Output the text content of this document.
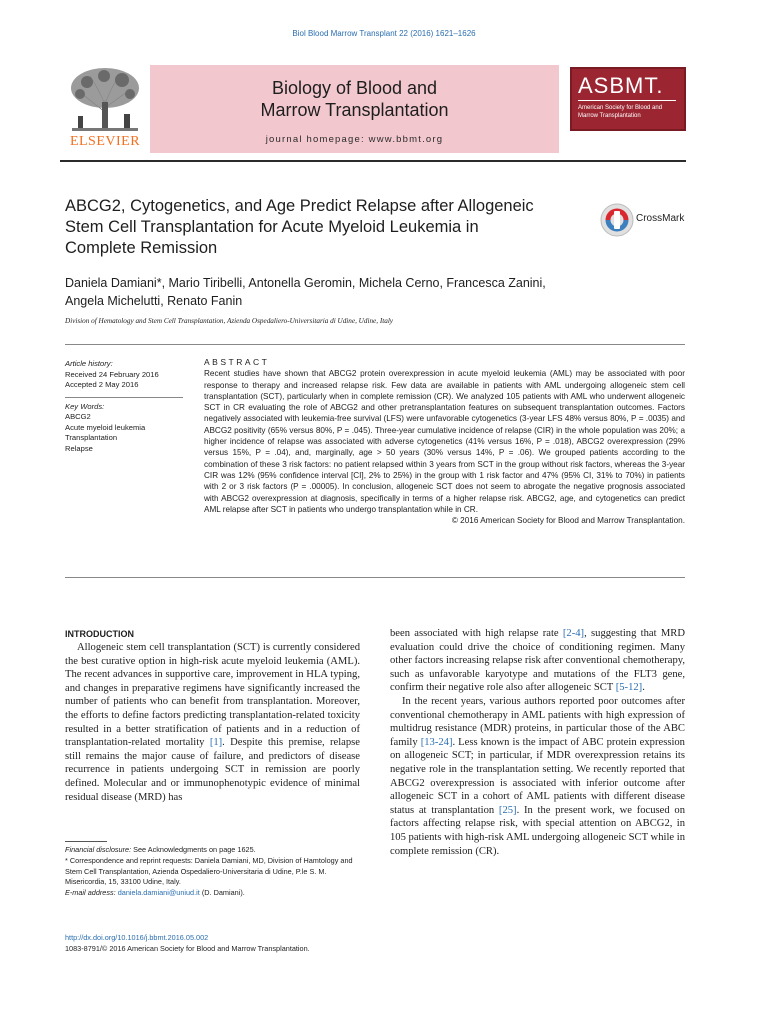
Biol Blood Marrow Transplant 22 (2016) 1621–1626
ELSEVIER
Biology of Blood and
Marrow Transplantation
journal homepage: www.bbmt.org
ASBMT.
American Society for Blood and Marrow Transplantation
ABCG2, Cytogenetics, and Age Predict Relapse after Allogeneic
Stem Cell Transplantation for Acute Myeloid Leukemia in
Complete Remission
CrossMark
Daniela Damiani*, Mario Tiribelli, Antonella Geromin, Michela Cerno, Francesca Zanini,
Angela Michelutti, Renato Fanin
Division of Hematology and Stem Cell Transplantation, Azienda Ospedaliero-Universitaria di Udine, Udine, Italy
Article history:
Received 24 February 2016
Accepted 2 May 2016
Key Words:
ABCG2
Acute myeloid leukemia
Transplantation
Relapse
ABSTRACT
Recent studies have shown that ABCG2 protein overexpression in acute myeloid leukemia (AML) may be associated with poor response to therapy and increased relapse risk. Few data are available in patients with AML undergoing allogeneic stem cell transplantation (SCT), particularly when in complete remission (CR). We analyzed 105 patients with AML who underwent allogeneic SCT in CR evaluating the role of ABCG2 and other pretransplantation features on subsequent transplantation outcomes. Factors negatively associated with leukemia-free survival (LFS) were unfavorable cytogenetics (3-year LFS 48% versus 80%, P = .0035) and ABCG2 positivity (65% versus 80%, P = .045). Three-year cumulative incidence of relapse (CIR) in the whole population was 20%; a higher incidence of relapse was associated with adverse cytogenetics (41% versus 16%, P = .018), ABCG2 overexpression (29% versus 15%, P = .04), and, marginally, age > 50 years (30% versus 14%, P = .06). We grouped patients according to the combination of these 3 risk factors: no patient relapsed within 3 years from SCT in the group without risk factors, whereas the 3-year CIR was 12% (95% confidence interval [CI], 2% to 25%) in the group with 1 risk factor and 47% (95% CI, 31% to 70%) in patients with 2 or 3 risk factors (P = .00005). In conclusion, allogeneic SCT does not seem to abrogate the negative prognosis associated with ABCG2 overexpression at diagnosis, specifically in terms of a higher relapse risk. ABCG2, age, and cytogenetics can predict AML relapse after SCT in patients who undergo transplantation while in CR.
© 2016 American Society for Blood and Marrow Transplantation.
INTRODUCTION

Allogeneic stem cell transplantation (SCT) is currently considered the best curative option in high-risk acute myeloid leukemia (AML). The recent advances in supportive care, improvement in HLA typing, and changes in preparative regimens have significantly increased the number of patients who can benefit from transplantation. Moreover, the efforts to define factors predicting transplantation-related toxicity resulted in a better stratification of patients and in a reduction of transplantation-related mortality [1]. Despite this premise, relapse still remains the major cause of failure, and predictors of disease recurrence in patients undergoing SCT in remission are poorly defined. Molecular and or immunophenotypic evidence of minimal residual disease (MRD) has

been associated with high relapse rate [2-4], suggesting that MRD evaluation could drive the choice of conditioning regimen. Many other factors increasing relapse risk after conventional chemotherapy, such as unfavorable karyotype and mutations of the FLT3 gene, confirm their negative role also after allogeneic SCT [5-12].

In the recent years, various authors reported poor outcomes after conventional chemotherapy in AML patients with high expression of multidrug resistance (MDR) proteins, in particular those of the ABC family [13-24]. Less known is the impact of ABC protein expression on allogeneic SCT; in particular, if MDR overexpression retains its negative role in the transplantation setting. We recently reported that ABCG2 overexpression is associated with inferior outcome after allogeneic SCT in a cohort of AML patients with different disease status at transplantation [25]. In the present work, we focused on factors affecting relapse risk, with special attention on ABCG2, in 105 patients with high-risk AML undergoing allogeneic SCT while in complete remission (CR).

Financial disclosure: See Acknowledgments on page 1625.
* Correspondence and reprint requests: Daniela Damiani, MD, Division of Hamtology and Stem Cell Transplantation, Azienda Ospedaliero-Universitaria di Udine, P.le S. M. Misericordia, 15, 33100 Udine, Italy.
E-mail address: daniela.damiani@uniud.it (D. Damiani).
http://dx.doi.org/10.1016/j.bbmt.2016.05.002
1083-8791/© 2016 American Society for Blood and Marrow Transplantation.
